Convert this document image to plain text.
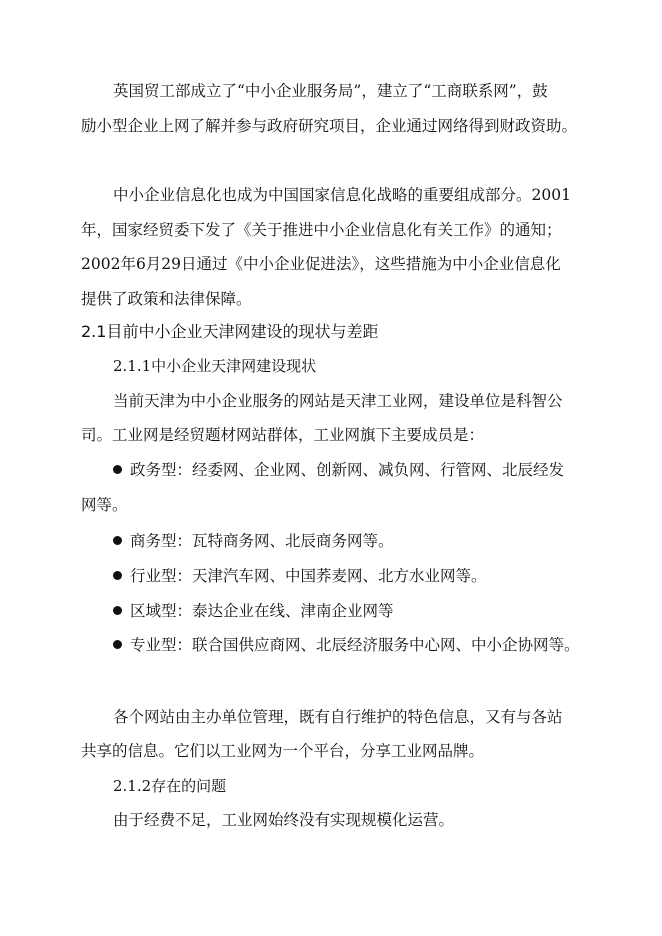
英国贸工部成立了“中小企业服务局”，建立了“工商联系网”，鼓
励小型企业上网了解并参与政府研究项目，企业通过网络得到财政资助。
中小企业信息化也成为中国国家信息化战略的重要组成部分。2001
年，国家经贸委下发了《关于推进中小企业信息化有关工作》的通知；
2002年6月29日通过《中小企业促进法》，这些措施为中小企业信息化
提供了政策和法律保障。
2.1目前中小企业天津网建设的现状与差距
2.1.1中小企业天津网建设现状
当前天津为中小企业服务的网站是天津工业网，建设单位是科智公
司。工业网是经贸题材网站群体，工业网旗下主要成员是：
政务型：经委网、企业网、创新网、减负网、行管网、北辰经发
网等。
商务型：瓦特商务网、北辰商务网等。
行业型：天津汽车网、中国荞麦网、北方水业网等。
区域型：泰达企业在线、津南企业网等
专业型：联合国供应商网、北辰经济服务中心网、中小企协网等。
各个网站由主办单位管理，既有自行维护的特色信息，又有与各站
共享的信息。它们以工业网为一个平台，分享工业网品牌。
2.1.2存在的问题
由于经费不足，工业网始终没有实现规模化运营。
